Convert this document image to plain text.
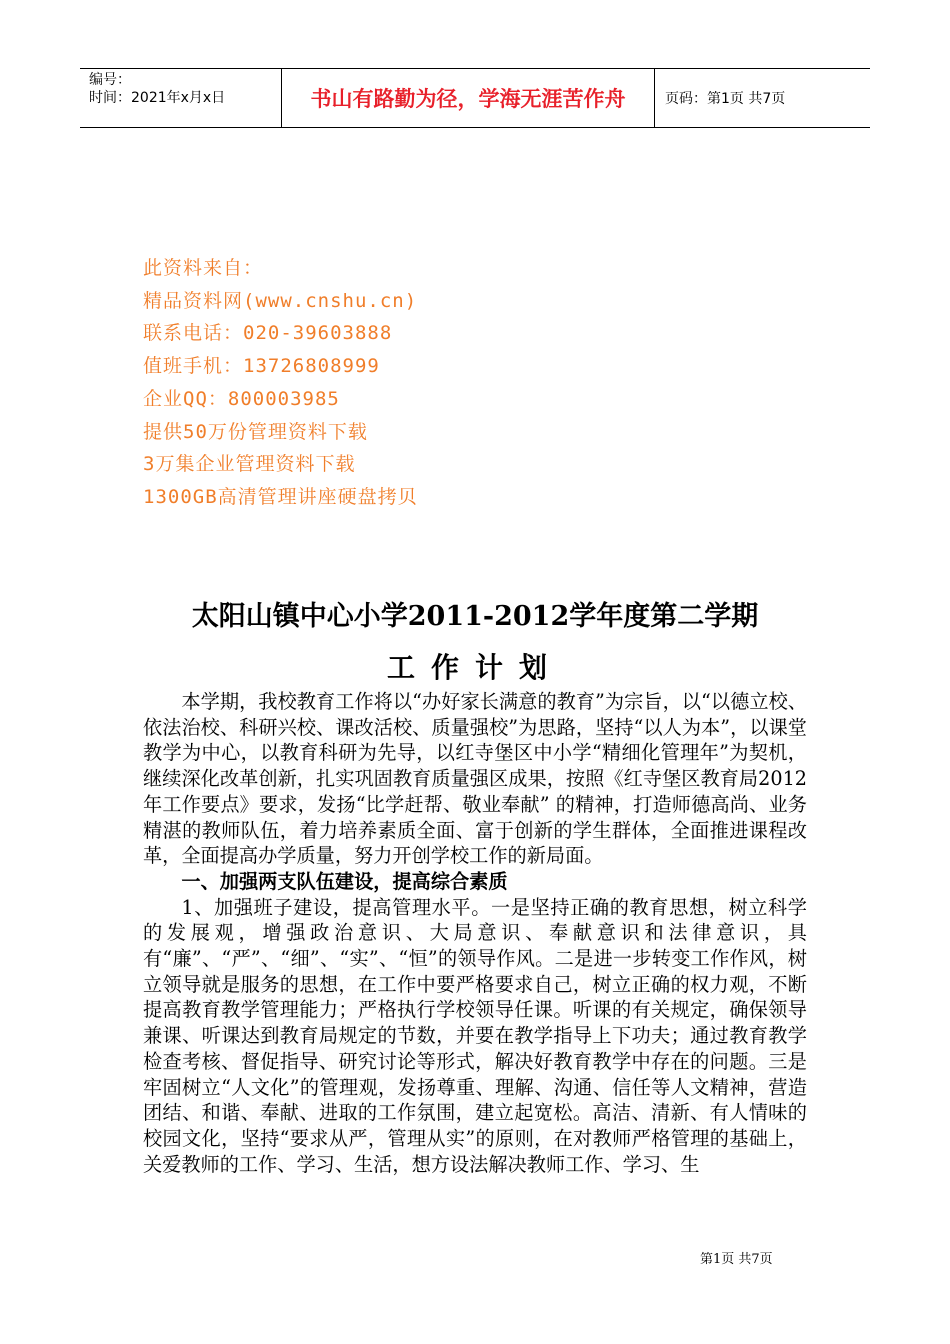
编号：
时间：2021年x月x日	书山有路勤为径，学海无涯苦作舟	页码：第1页 共7页
此资料来自：
精品资料网(www.cnshu.cn)
联系电话：020-39603888
值班手机：13726808999
企业QQ：800003985
提供50万份管理资料下载
3万集企业管理资料下载
1300GB高清管理讲座硬盘拷贝
太阳山镇中心小学2011-2012学年度第二学期
工作计划

本学期，我校教育工作将以“办好家长满意的教育”为宗旨，以“以德立校、依法治校、科研兴校、课改活校、质量强校”为思路，坚持“以人为本”，以课堂教学为中心，以教育科研为先导，以红寺堡区中小学“精细化管理年”为契机，继续深化改革创新，扎实巩固教育质量强区成果，按照《红寺堡区教育局2012年工作要点》要求，发扬“比学赶帮、敬业奉献” 的精神，打造师德高尚、业务精湛的教师队伍，着力培养素质全面、富于创新的学生群体，全面推进课程改革，全面提高办学质量，努力开创学校工作的新局面。

一、加强两支队伍建设，提高综合素质

1、加强班子建设，提高管理水平。一是坚持正确的教育思想，树立科学的发展观，增强政治意识、大局意识、奉献意识和法律意识，具有“廉”、“严”、“细”、“实”、“恒”的领导作风。二是进一步转变工作作风，树立领导就是服务的思想，在工作中要严格要求自己，树立正确的权力观，不断提高教育教学管理能力；严格执行学校领导任课。听课的有关规定，确保领导兼课、听课达到教育局规定的节数，并要在教学指导上下功夫；通过教育教学检查考核、督促指导、研究讨论等形式，解决好教育教学中存在的问题。三是牢固树立“人文化”的管理观，发扬尊重、理解、沟通、信任等人文精神，营造团结、和谐、奉献、进取的工作氛围，建立起宽松。高洁、清新、有人情味的校园文化，坚持“要求从严，管理从实”的原则，在对教师严格管理的基础上，关爱教师的工作、学习、生活，想方设法解决教师工作、学习、生

第1页 共7页
